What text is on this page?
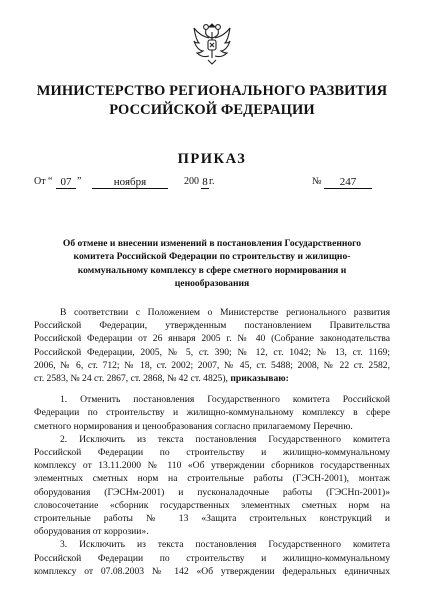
МИНИСТЕРСТВО РЕГИОНАЛЬНОГО РАЗВИТИЯ
РОССИЙСКОЙ ФЕДЕРАЦИИ
ПРИКАЗ
От “ 07 ”	ноября	200 8 г.	№	247
Об отмене и внесении изменений в постановления Государственного
комитета Российской Федерации по строительству и жилищно-
коммунальному комплексу в сфере сметного нормирования и
ценообразования
В соответствии с Положением о Министерстве регионального развития
Российской Федерации, утвержденным постановлением Правительства
Российской Федерации от 26 января 2005 г. № 40 (Собрание законодательства
Российской Федерации, 2005, № 5, ст. 390; № 12, ст. 1042; № 13, ст. 1169;
2006, № 6, ст. 712; № 18, ст. 2002; 2007, № 45, ст. 5488; 2008, № 22 ст. 2582,
ст. 2583, № 24 ст. 2867, ст. 2868, № 42 ст. 4825), приказываю:
1. Отменить постановления Государственного комитета Российской
Федерации по строительству и жилищно-коммунальному комплексу в сфере
сметного нормирования и ценообразования согласно прилагаемому Перечню.
2. Исключить из текста постановления Государственного комитета
Российской Федерации по строительству и жилищно-коммунальному
комплексу от 13.11.2000 № 110 «Об утверждении сборников государственных
элементных сметных норм на строительные работы (ГЭСН-2001), монтаж
оборудования (ГЭСНм-2001) и пусконаладочные работы (ГЭСНп-2001)»
словосочетание «сборник государственных элементных сметных норм на
строительные работы № 13 «Защита строительных конструкций и
оборудования от коррозии».
3. Исключить из текста постановления Государственного комитета
Российской Федерации по строительству и жилищно-коммунальному
комплексу от 07.08.2003 № 142 «Об утверждении федеральных единичных
